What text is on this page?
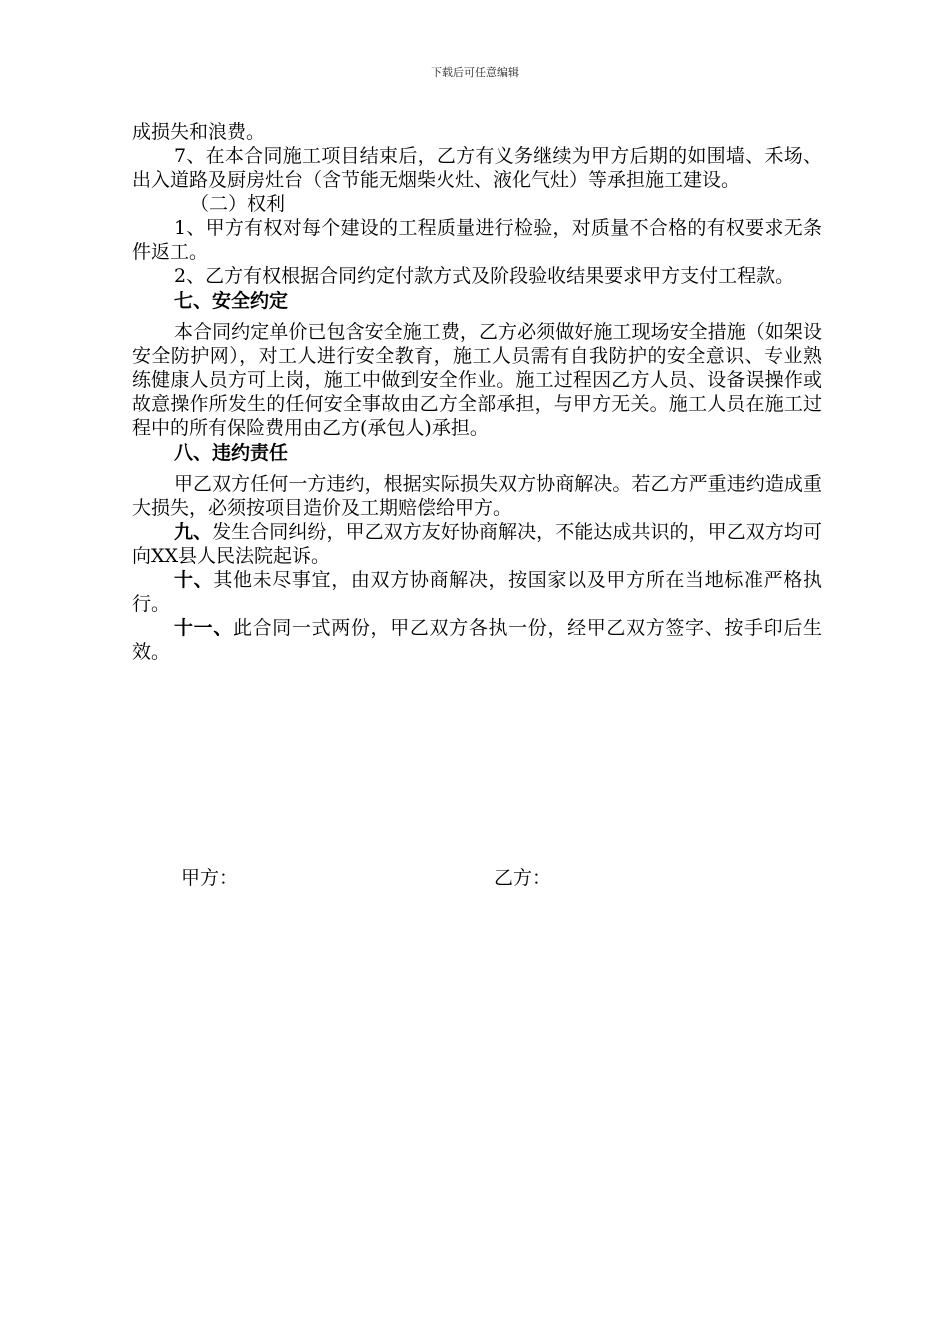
下载后可任意编辑

成损失和浪费。

7、在本合同施工项目结束后，乙方有义务继续为甲方后期的如围墙、禾场、出入道路及厨房灶台（含节能无烟柴火灶、液化气灶）等承担施工建设。

（二）权利

1、甲方有权对每个建设的工程质量进行检验，对质量不合格的有权要求无条件返工。

2、乙方有权根据合同约定付款方式及阶段验收结果要求甲方支付工程款。

七、安全约定

本合同约定单价已包含安全施工费，乙方必须做好施工现场安全措施（如架设安全防护网），对工人进行安全教育，施工人员需有自我防护的安全意识、专业熟练健康人员方可上岗，施工中做到安全作业。施工过程因乙方人员、设备误操作或故意操作所发生的任何安全事故由乙方全部承担，与甲方无关。施工人员在施工过程中的所有保险费用由乙方(承包人)承担。

八、违约责任

甲乙双方任何一方违约，根据实际损失双方协商解决。若乙方严重违约造成重大损失，必须按项目造价及工期赔偿给甲方。

九、发生合同纠纷，甲乙双方友好协商解决，不能达成共识的，甲乙双方均可向XX县人民法院起诉。

十、其他未尽事宜，由双方协商解决，按国家以及甲方所在当地标准严格执行。

十一、此合同一式两份，甲乙双方各执一份，经甲乙双方签字、按手印后生效。

甲方：	乙方：
